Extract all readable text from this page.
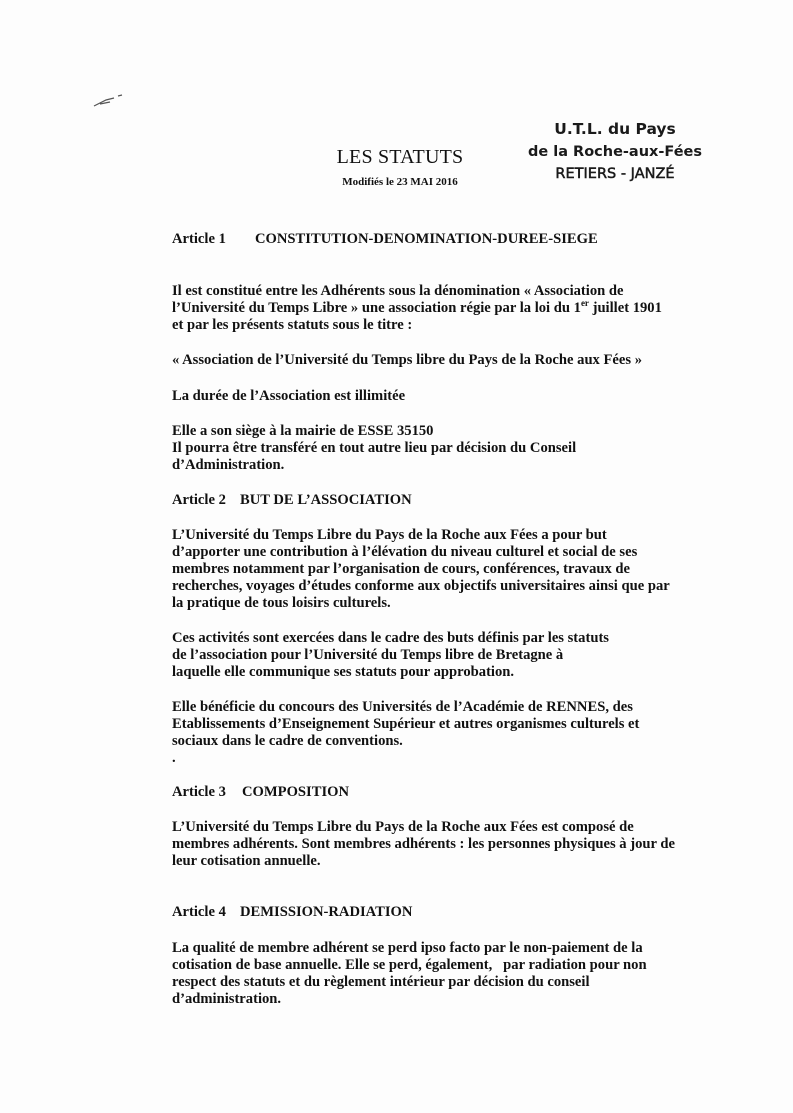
LES STATUTS
Modifiés le 23 MAI 2016
U.T.L. du Pays
de la Roche-aux-Fées
RETIERS - JANZÉ
Article 1 CONSTITUTION-DENOMINATION-DUREE-SIEGE
Il est constitué entre les Adhérents sous la dénomination « Association de
l’Université du Temps Libre » une association régie par la loi du 1er juillet 1901
et par les présents statuts sous le titre :
« Association de l’Université du Temps libre du Pays de la Roche aux Fées »
La durée de l’Association est illimitée
Elle a son siège à la mairie de ESSE 35150
Il pourra être transféré en tout autre lieu par décision du Conseil
d’Administration.
Article 2 BUT DE L’ASSOCIATION
L’Université du Temps Libre du Pays de la Roche aux Fées a pour but
d’apporter une contribution à l’élévation du niveau culturel et social de ses
membres notamment par l’organisation de cours, conférences, travaux de
recherches, voyages d’études conforme aux objectifs universitaires ainsi que par
la pratique de tous loisirs culturels.
Ces activités sont exercées dans le cadre des buts définis par les statuts
de l’association pour l’Université du Temps libre de Bretagne à
laquelle elle communique ses statuts pour approbation.
Elle bénéficie du concours des Universités de l’Académie de RENNES, des
Etablissements d’Enseignement Supérieur et autres organismes culturels et
sociaux dans le cadre de conventions.
.
Article 3 COMPOSITION
L’Université du Temps Libre du Pays de la Roche aux Fées est composé de
membres adhérents. Sont membres adhérents : les personnes physiques à jour de
leur cotisation annuelle.
Article 4 DEMISSION-RADIATION
La qualité de membre adhérent se perd ipso facto par le non-paiement de la
cotisation de base annuelle. Elle se perd, également,   par radiation pour non
respect des statuts et du règlement intérieur par décision du conseil
d’administration.
